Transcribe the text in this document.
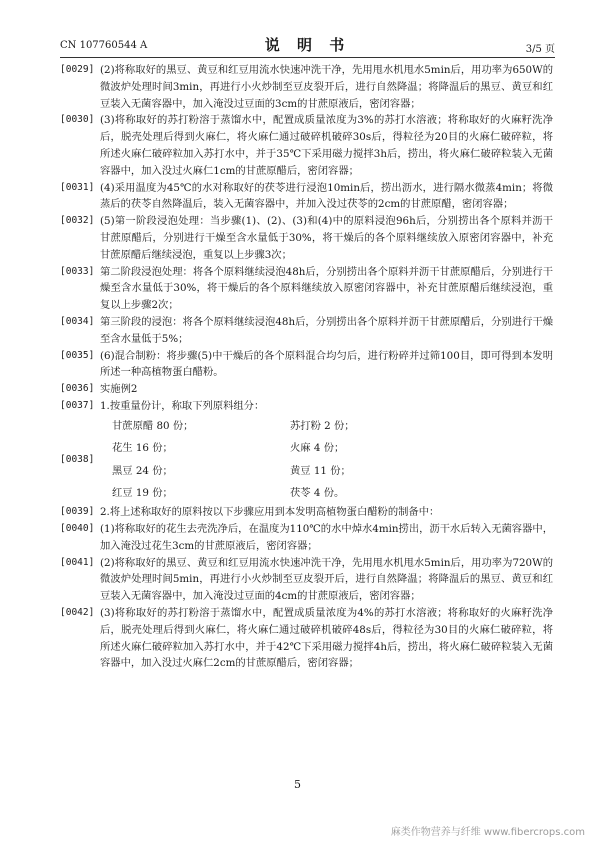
CN 107760544 A	说 明 书	3/5 页
[0029] (2)将称取好的黑豆、黄豆和红豆用流水快速冲洗干净，先用甩水机甩水5min后，用功率为650W的微波炉处理时间3min，再进行小火炒制至豆皮裂开后，进行自然降温；将降温后的黑豆、黄豆和红豆装入无菌容器中，加入淹没过豆面的3cm的甘蔗原液后，密闭容器；
[0030] (3)将称取好的苏打粉溶于蒸馏水中，配置成质量浓度为3%的苏打水溶液；将称取好的火麻籽洗净后，脱壳处理后得到火麻仁，将火麻仁通过破碎机破碎30s后，得粒径为20目的火麻仁破碎粒，将所述火麻仁破碎粒加入苏打水中，并于35℃下采用磁力搅拌3h后，捞出，将火麻仁破碎粒装入无菌容器中，加入没过火麻仁1cm的甘蔗原醋后，密闭容器；
[0031] (4)采用温度为45℃的水对称取好的茯苓进行浸泡10min后，捞出沥水，进行隔水微蒸4min；将微蒸后的茯苓自然降温后，装入无菌容器中，并加入没过茯苓的2cm的甘蔗原醋，密闭容器；
[0032] (5)第一阶段浸泡处理：当步骤(1)、(2)、(3)和(4)中的原料浸泡96h后，分别捞出各个原料并沥干甘蔗原醋后，分别进行干燥至含水量低于30%，将干燥后的各个原料继续放入原密闭容器中，补充甘蔗原醋后继续浸泡，重复以上步骤3次；
[0033] 第二阶段浸泡处理：将各个原料继续浸泡48h后，分别捞出各个原料并沥干甘蔗原醋后，分别进行干燥至含水量低于30%，将干燥后的各个原料继续放入原密闭容器中，补充甘蔗原醋后继续浸泡，重复以上步骤2次；
[0034] 第三阶段的浸泡：将各个原料继续浸泡48h后，分别捞出各个原料并沥干甘蔗原醋后，分别进行干燥至含水量低于5%；
[0035] (6)混合制粉：将步骤(5)中干燥后的各个原料混合均匀后，进行粉碎并过筛100目，即可得到本发明所述一种高植物蛋白醋粉。
[0036] 实施例2
[0037] 1.按重量份计，称取下列原料组分：
[0038]
甘蔗原醋 80 份；	苏打粉 2 份；
花生 16 份；	火麻 4 份；
黑豆 24 份；	黄豆 11 份；
红豆 19 份；	茯苓 4 份。
[0039] 2.将上述称取好的原料按以下步骤应用到本发明高植物蛋白醋粉的制备中：
[0040] (1)将称取好的花生去壳洗净后，在温度为110℃的水中焯水4min捞出，沥干水后转入无菌容器中，加入淹没过花生3cm的甘蔗原液后，密闭容器；
[0041] (2)将称取好的黑豆、黄豆和红豆用流水快速冲洗干净，先用甩水机甩水5min后，用功率为720W的微波炉处理时间5min，再进行小火炒制至豆皮裂开后，进行自然降温；将降温后的黑豆、黄豆和红豆装入无菌容器中，加入淹没过豆面的4cm的甘蔗原液后，密闭容器；
[0042] (3)将称取好的苏打粉溶于蒸馏水中，配置成质量浓度为4%的苏打水溶液；将称取好的火麻籽洗净后，脱壳处理后得到火麻仁，将火麻仁通过破碎机破碎48s后，得粒径为30目的火麻仁破碎粒，将所述火麻仁破碎粒加入苏打水中，并于42℃下采用磁力搅拌4h后，捞出，将火麻仁破碎粒装入无菌容器中，加入没过火麻仁2cm的甘蔗原醋后，密闭容器；
5
麻类作物营养与纤维 www.fibercrops.com
